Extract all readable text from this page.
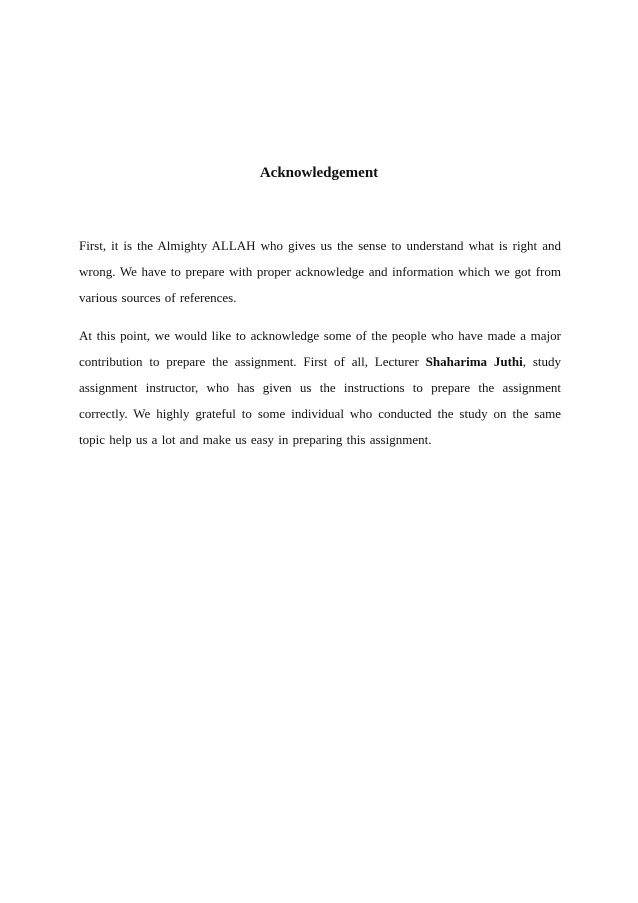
Acknowledgement

First, it is the Almighty ALLAH who gives us the sense to understand what is right and wrong. We have to prepare with proper acknowledge and information which we got from various sources of references.

At this point, we would like to acknowledge some of the people who have made a major contribution to prepare the assignment. First of all, Lecturer Shaharima Juthi, study assignment instructor, who has given us the instructions to prepare the assignment correctly. We highly grateful to some individual who conducted the study on the same topic help us a lot and make us easy in preparing this assignment.
